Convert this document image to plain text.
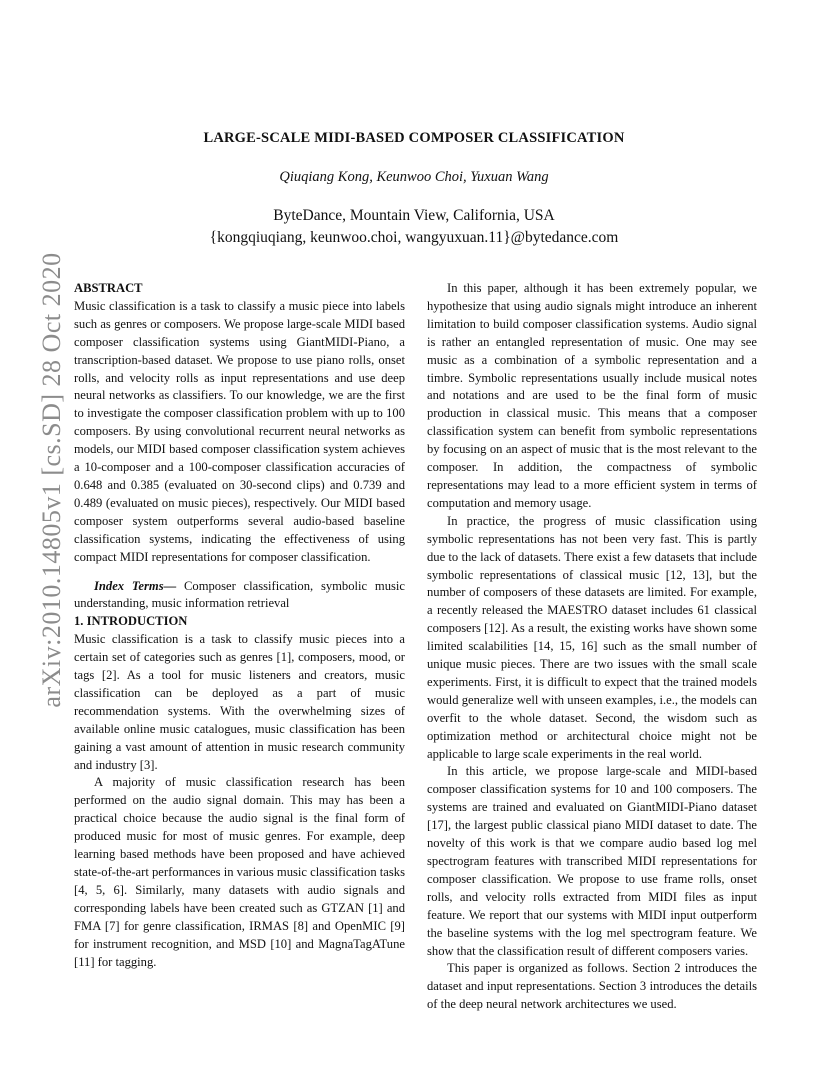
arXiv:2010.14805v1 [cs.SD] 28 Oct 2020
LARGE-SCALE MIDI-BASED COMPOSER CLASSIFICATION
Qiuqiang Kong, Keunwoo Choi, Yuxuan Wang
ByteDance, Mountain View, California, USA
{kongqiuqiang, keunwoo.choi, wangyuxuan.11}@bytedance.com

ABSTRACT

Music classification is a task to classify a music piece into labels such as genres or composers. We propose large-scale MIDI based composer classification systems using GiantMIDI-Piano, a transcription-based dataset. We propose to use piano rolls, onset rolls, and velocity rolls as input representations and use deep neural networks as classifiers. To our knowledge, we are the first to investigate the composer classification problem with up to 100 composers. By using convolutional recurrent neural networks as models, our MIDI based composer classification system achieves a 10-composer and a 100-composer classification accuracies of 0.648 and 0.385 (evaluated on 30-second clips) and 0.739 and 0.489 (evaluated on music pieces), respectively. Our MIDI based composer system outperforms several audio-based baseline classification systems, indicating the effectiveness of using compact MIDI representations for composer classification.

Index Terms— Composer classification, symbolic music understanding, music information retrieval

1. INTRODUCTION

Music classification is a task to classify music pieces into a certain set of categories such as genres [1], composers, mood, or tags [2]. As a tool for music listeners and creators, music classification can be deployed as a part of music recommendation systems. With the overwhelming sizes of available online music catalogues, music classification has been gaining a vast amount of attention in music research community and industry [3].

A majority of music classification research has been performed on the audio signal domain. This may has been a practical choice because the audio signal is the final form of produced music for most of music genres. For example, deep learning based methods have been proposed and have achieved state-of-the-art performances in various music classification tasks [4, 5, 6]. Similarly, many datasets with audio signals and corresponding labels have been created such as GTZAN [1] and FMA [7] for genre classification, IRMAS [8] and OpenMIC [9] for instrument recognition, and MSD [10] and MagnaTagATune [11] for tagging.

In this paper, although it has been extremely popular, we hypothesize that using audio signals might introduce an inherent limitation to build composer classification systems. Audio signal is rather an entangled representation of music. One may see music as a combination of a symbolic representation and a timbre. Symbolic representations usually include musical notes and notations and are used to be the final form of music production in classical music. This means that a composer classification system can benefit from symbolic representations by focusing on an aspect of music that is the most relevant to the composer. In addition, the compactness of symbolic representations may lead to a more efficient system in terms of computation and memory usage.

In practice, the progress of music classification using symbolic representations has not been very fast. This is partly due to the lack of datasets. There exist a few datasets that include symbolic representations of classical music [12, 13], but the number of composers of these datasets are limited. For example, a recently released the MAESTRO dataset includes 61 classical composers [12]. As a result, the existing works have shown some limited scalabilities [14, 15, 16] such as the small number of unique music pieces. There are two issues with the small scale experiments. First, it is difficult to expect that the trained models would generalize well with unseen examples, i.e., the models can overfit to the whole dataset. Second, the wisdom such as optimization method or architectural choice might not be applicable to large scale experiments in the real world.

In this article, we propose large-scale and MIDI-based composer classification systems for 10 and 100 composers. The systems are trained and evaluated on GiantMIDI-Piano dataset [17], the largest public classical piano MIDI dataset to date. The novelty of this work is that we compare audio based log mel spectrogram features with transcribed MIDI representations for composer classification. We propose to use frame rolls, onset rolls, and velocity rolls extracted from MIDI files as input feature. We report that our systems with MIDI input outperform the baseline systems with the log mel spectrogram feature. We show that the classification result of different composers varies.

This paper is organized as follows. Section 2 introduces the dataset and input representations. Section 3 introduces the details of the deep neural network architectures we used.
